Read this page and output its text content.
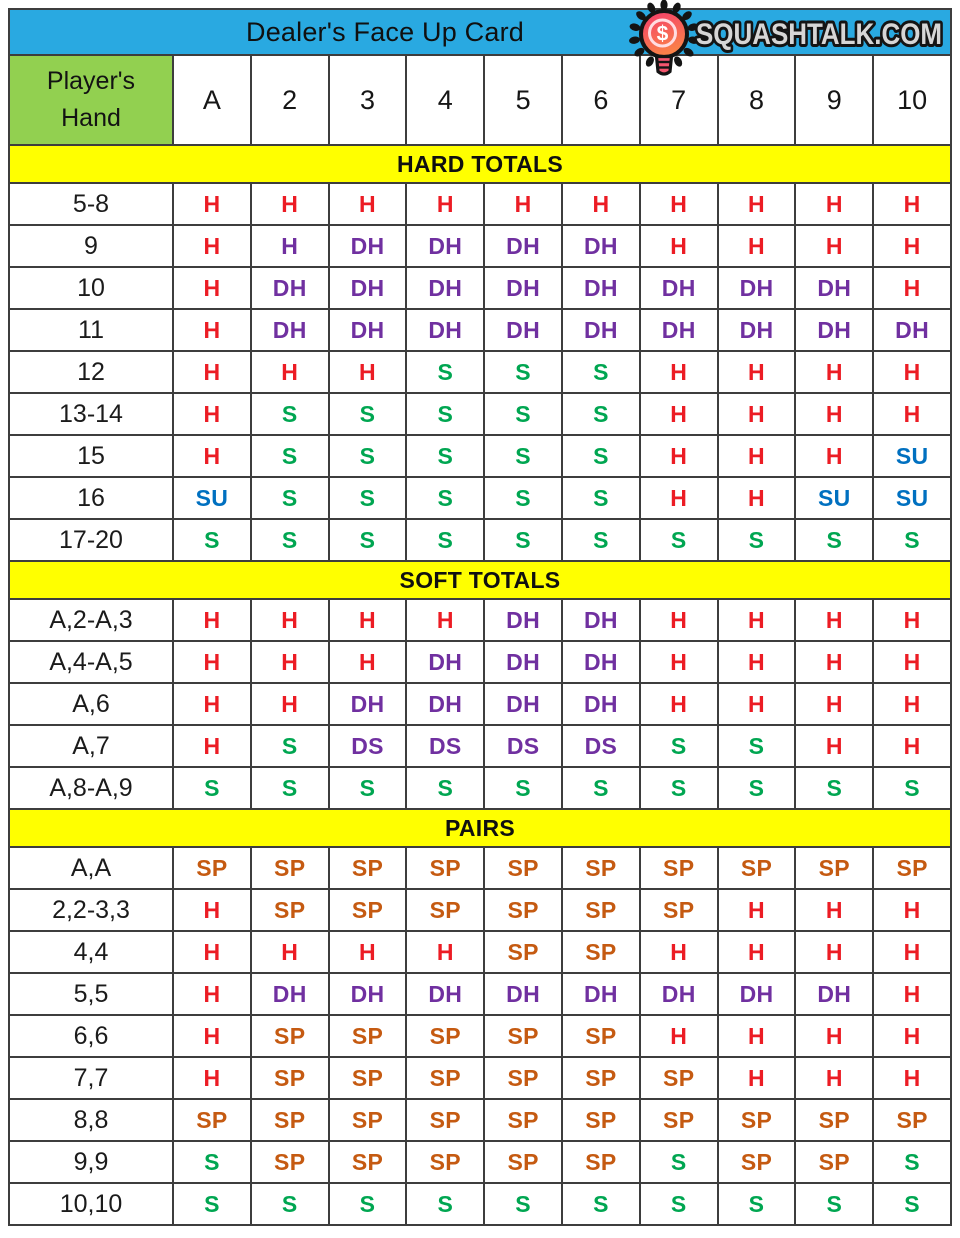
Dealer's Face Up Card	$ SQUASHTALK.COM
Player's
Hand
A	2	3	4	5	6	7	8	9	10
HARD TOTALS
5-8	H	H	H	H	H	H	H	H	H	H
9	H	H	DH	DH	DH	DH	H	H	H	H
10	H	DH	DH	DH	DH	DH	DH	DH	DH	H
11	H	DH	DH	DH	DH	DH	DH	DH	DH	DH
12	H	H	H	S	S	S	H	H	H	H
13-14	H	S	S	S	S	S	H	H	H	H
15	H	S	S	S	S	S	H	H	H	SU
16	SU	S	S	S	S	S	H	H	SU	SU
17-20	S	S	S	S	S	S	S	S	S	S
SOFT TOTALS
A,2-A,3	H	H	H	H	DH	DH	H	H	H	H
A,4-A,5	H	H	H	DH	DH	DH	H	H	H	H
A,6	H	H	DH	DH	DH	DH	H	H	H	H
A,7	H	S	DS	DS	DS	DS	S	S	H	H
A,8-A,9	S	S	S	S	S	S	S	S	S	S
PAIRS
A,A	SP	SP	SP	SP	SP	SP	SP	SP	SP	SP
2,2-3,3	H	SP	SP	SP	SP	SP	SP	H	H	H
4,4	H	H	H	H	SP	SP	H	H	H	H
5,5	H	DH	DH	DH	DH	DH	DH	DH	DH	H
6,6	H	SP	SP	SP	SP	SP	H	H	H	H
7,7	H	SP	SP	SP	SP	SP	SP	H	H	H
8,8	SP	SP	SP	SP	SP	SP	SP	SP	SP	SP
9,9	S	SP	SP	SP	SP	SP	S	SP	SP	S
10,10	S	S	S	S	S	S	S	S	S	S
